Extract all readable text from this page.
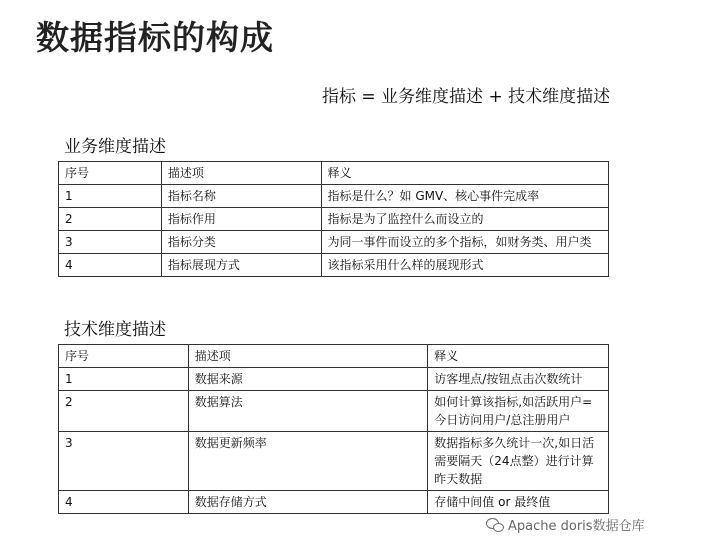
数据指标的构成
指标 = 业务维度描述 + 技术维度描述
业务维度描述
序号	描述项	释义
1	指标名称	指标是什么？如 GMV、核心事件完成率
2	指标作用	指标是为了监控什么而设立的
3	指标分类	为同一事件而设立的多个指标，如财务类、用户类
4	指标展现方式	该指标采用什么样的展现形式
技术维度描述
序号	描述项	释义
1	数据来源	访客埋点/按钮点击次数统计
2	数据算法	如何计算该指标,如活跃用户=今日访问用户/总注册用户
3	数据更新频率	数据指标多久统计一次,如日活需要隔天（24点整）进行计算昨天数据
4	数据存储方式	存储中间值 or 最终值
Apache doris数据仓库
